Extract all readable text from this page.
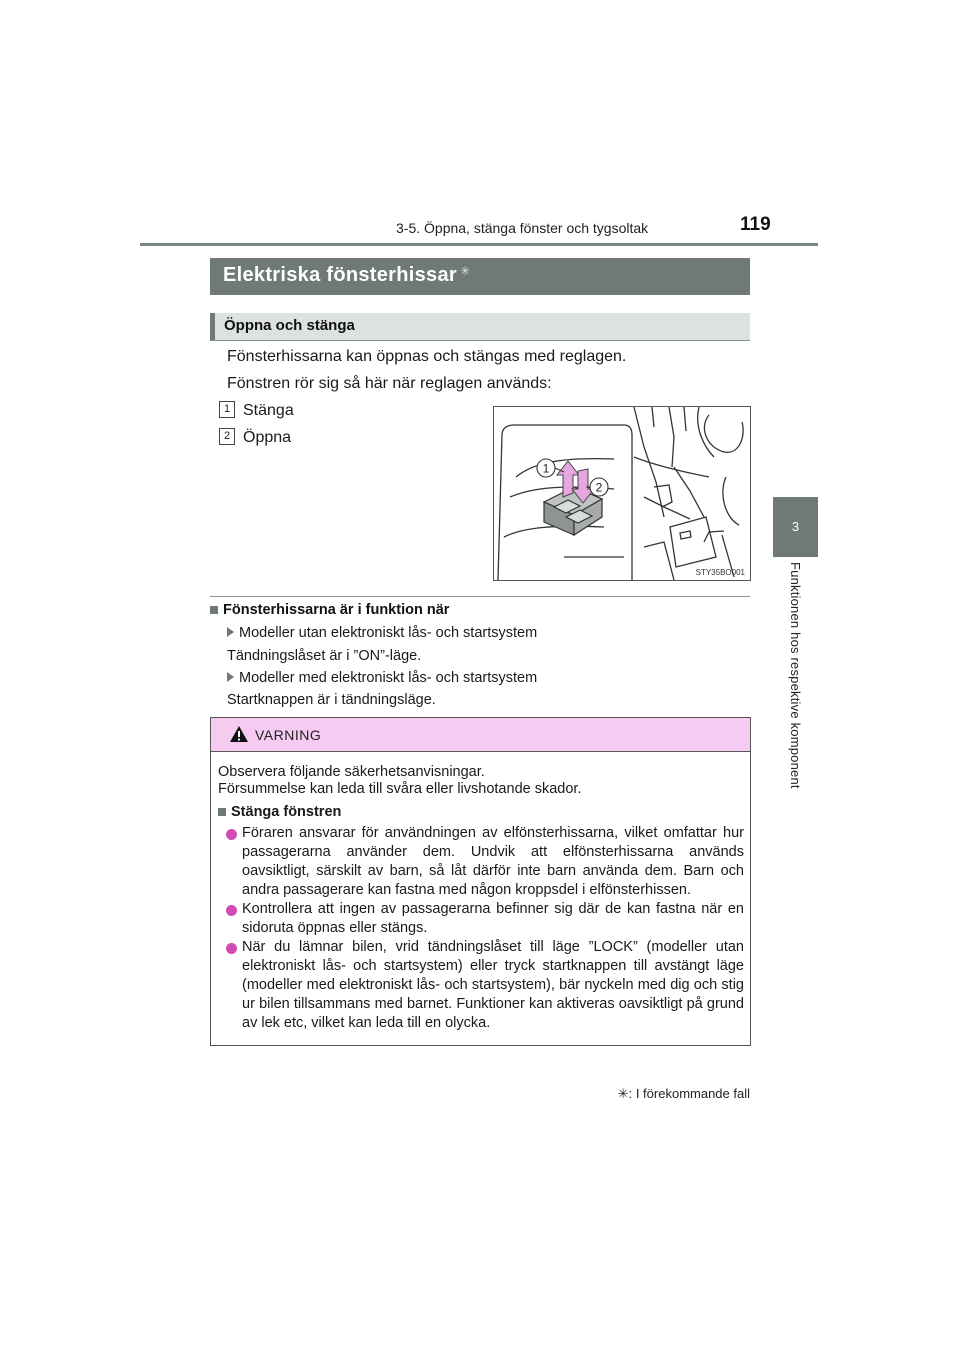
3-5. Öppna, stänga fönster och tygsoltak	119
3
Funktionen hos respektive komponent
Elektriska fönsterhissar ✳
Öppna och stänga
Fönsterhissarna kan öppnas och stängas med reglagen.
Fönstren rör sig så här när reglagen används:
1 Stänga
2 Öppna
1
2
STY35BO001
Fönsterhissarna är i funktion när
Modeller utan elektroniskt lås- och startsystem
Tändningslåset är i ”ON”-läge.
Modeller med elektroniskt lås- och startsystem
Startknappen är i tändningsläge.
VARNING
Observera följande säkerhetsanvisningar.
Försummelse kan leda till svåra eller livshotande skador.
Stänga fönstren
Föraren ansvarar för användningen av elfönsterhissarna, vilket omfattar hur passagerarna använder dem. Undvik att elfönsterhissarna används oavsiktligt, särskilt av barn, så låt därför inte barn använda dem. Barn och andra passagerare kan fastna med någon kroppsdel i elfönsterhissen.
Kontrollera att ingen av passagerarna befinner sig där de kan fastna när en sidoruta öppnas eller stängs.
När du lämnar bilen, vrid tändningslåset till läge ”LOCK” (modeller utan elektroniskt lås- och startsystem) eller tryck startknappen till avstängt läge (modeller med elektroniskt lås- och startsystem), bär nyckeln med dig och stig ur bilen tillsammans med barnet. Funktioner kan aktiveras oavsiktligt på grund av lek etc, vilket kan leda till en olycka.
✳: I förekommande fall
